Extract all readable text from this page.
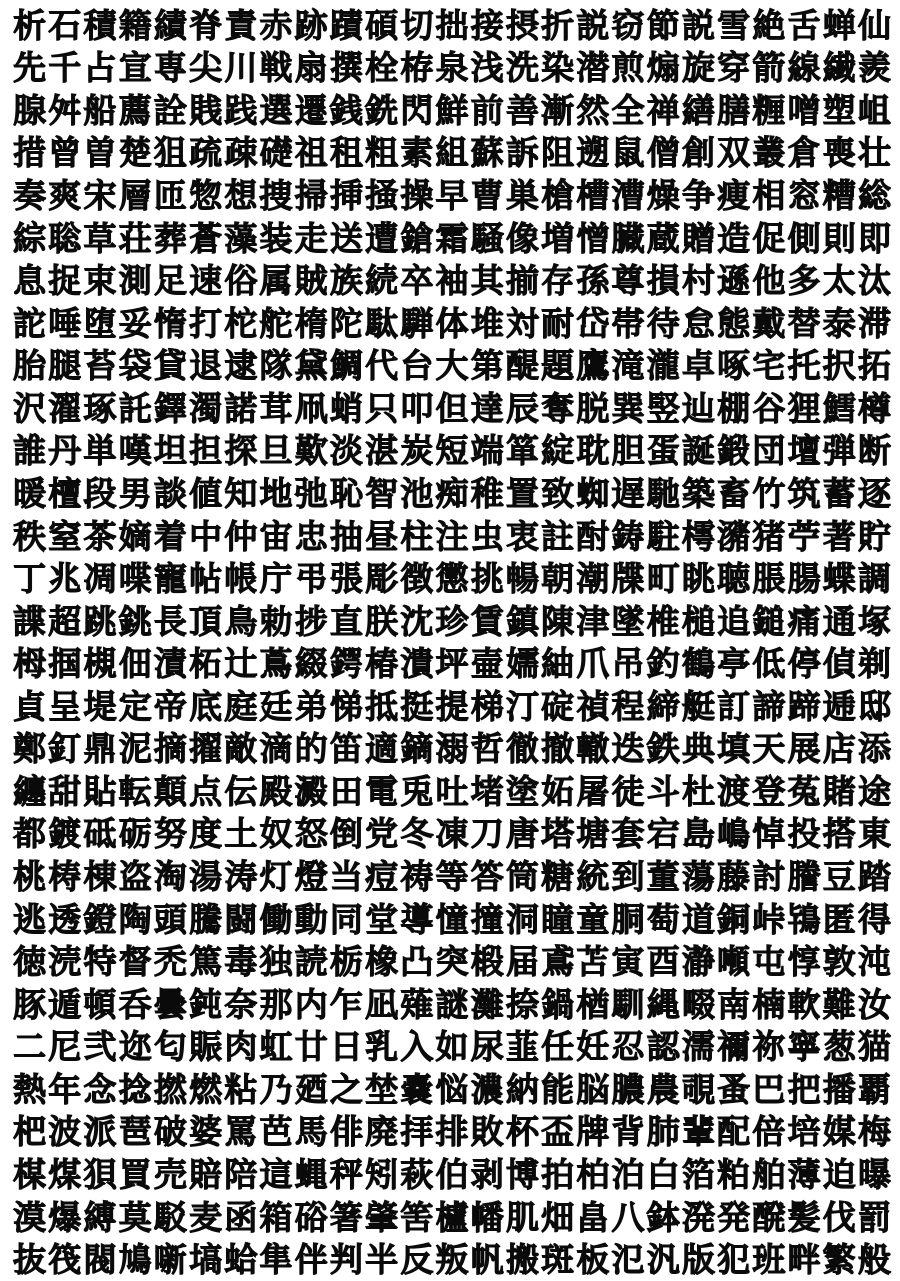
析 石 積 籍 績 脊 責 赤 跡 蹟 碩 切 拙 接 摂 折 説 窃 節 説 雪 絶 舌 蝉 仙
先 千 占 宣 専 尖 川 戦 扇 撰 栓 栫 泉 浅 洗 染 潜 煎 煽 旋 穿 箭 線 繊 羨
腺 舛 船 薦 詮 賎 践 選 遷 銭 銑 閃 鮮 前 善 漸 然 全 禅 繕 膳 糎 噌 塑 岨
措 曾 曽 楚 狙 疏 疎 礎 祖 租 粗 素 組 蘇 訴 阻 遡 鼠 僧 創 双 叢 倉 喪 壮
奏 爽 宋 層 匝 惣 想 捜 掃 挿 掻 操 早 曹 巣 槍 槽 漕 燥 争 痩 相 窓 糟 総
綜 聡 草 荘 葬 蒼 藻 装 走 送 遭 鎗 霜 騒 像 増 憎 臓 蔵 贈 造 促 側 則 即
息 捉 束 測 足 速 俗 属 賊 族 続 卒 袖 其 揃 存 孫 尊 損 村 遜 他 多 太 汰
詑 唾 堕 妥 惰 打 柁 舵 楕 陀 駄 騨 体 堆 対 耐 岱 帯 待 怠 態 戴 替 泰 滞
胎 腿 苔 袋 貸 退 逮 隊 黛 鯛 代 台 大 第 醍 題 鷹 滝 瀧 卓 啄 宅 托 択 拓
沢 濯 琢 託 鐸 濁 諾 茸 凧 蛸 只 叩 但 達 辰 奪 脱 巽 竪 辿 棚 谷 狸 鱈 樽
誰 丹 単 嘆 坦 担 探 旦 歎 淡 湛 炭 短 端 箪 綻 耽 胆 蛋 誕 鍛 団 壇 弾 断
暖 檀 段 男 談 値 知 地 弛 恥 智 池 痴 稚 置 致 蜘 遅 馳 築 畜 竹 筑 蓄 逐
秩 窒 茶 嫡 着 中 仲 宙 忠 抽 昼 柱 注 虫 衷 註 酎 鋳 駐 樗 瀦 猪 苧 著 貯
丁 兆 凋 喋 寵 帖 帳 庁 弔 張 彫 徴 懲 挑 暢 朝 潮 牒 町 眺 聴 脹 腸 蝶 調
諜 超 跳 銚 長 頂 鳥 勅 捗 直 朕 沈 珍 賃 鎮 陳 津 墜 椎 槌 追 鎚 痛 通 塚
栂 掴 槻 佃 漬 柘 辻 蔦 綴 鍔 椿 潰 坪 壷 嬬 紬 爪 吊 釣 鶴 亭 低 停 偵 剃
貞 呈 堤 定 帝 底 庭 廷 弟 悌 抵 挺 提 梯 汀 碇 禎 程 締 艇 訂 諦 蹄 逓 邸
鄭 釘 鼎 泥 摘 擢 敵 滴 的 笛 適 鏑 溺 哲 徹 撤 轍 迭 鉄 典 填 天 展 店 添
纏 甜 貼 転 顛 点 伝 殿 澱 田 電 兎 吐 堵 塗 妬 屠 徒 斗 杜 渡 登 菟 賭 途
都 鍍 砥 砺 努 度 土 奴 怒 倒 党 冬 凍 刀 唐 塔 塘 套 宕 島 嶋 悼 投 搭 東
桃 梼 棟 盗 淘 湯 涛 灯 燈 当 痘 祷 等 答 筒 糖 統 到 董 蕩 藤 討 謄 豆 踏
逃 透 鐙 陶 頭 騰 闘 働 動 同 堂 導 憧 撞 洞 瞳 童 胴 萄 道 銅 峠 鴇 匿 得
徳 涜 特 督 禿 篤 毒 独 読 栃 橡 凸 突 椴 届 鳶 苫 寅 酉 瀞 噸 屯 惇 敦 沌
豚 遁 頓 呑 曇 鈍 奈 那 内 乍 凪 薙 謎 灘 捺 鍋 楢 馴 縄 畷 南 楠 軟 難 汝
二 尼 弐 迩 匂 賑 肉 虹 廿 日 乳 入 如 尿 韮 任 妊 忍 認 濡 禰 祢 寧 葱 猫
熱 年 念 捻 撚 燃 粘 乃 廼 之 埜 嚢 悩 濃 納 能 脳 膿 農 覗 蚤 巴 把 播 覇
杷 波 派 琶 破 婆 罵 芭 馬 俳 廃 拝 排 敗 杯 盃 牌 背 肺 輩 配 倍 培 媒 梅
楳 煤 狽 買 売 賠 陪 這 蝿 秤 矧 萩 伯 剥 博 拍 柏 泊 白 箔 粕 舶 薄 迫 曝
漠 爆 縛 莫 駁 麦 函 箱 硲 箸 肇 筈 櫨 幡 肌 畑 畠 八 鉢 溌 発 醗 髪 伐 罰
抜 筏 閥 鳩 噺 塙 蛤 隼 伴 判 半 反 叛 帆 搬 斑 板 氾 汎 版 犯 班 畔 繁 般
